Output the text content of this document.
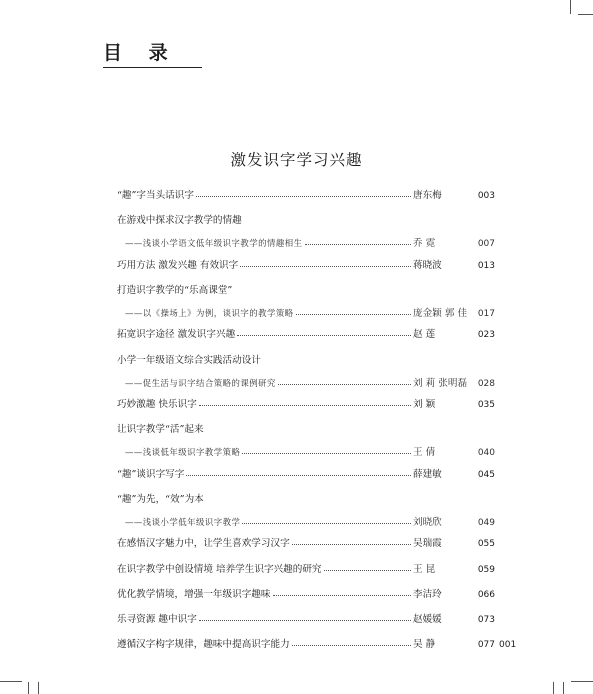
目 录
激发识字学习兴趣
“趣”字当头话识字	唐东梅	003
在游戏中探求汉字教学的情趣
——浅谈小学语文低年级识字教学的情趣相生	乔 霓	007
巧用方法 激发兴趣 有效识字	蒋晓波	013
打造识字教学的“乐高课堂”
——以《操场上》为例，谈识字的教学策略	庞金颖 郭 佳	017
拓宽识字途径 激发识字兴趣	赵 莲	023
小学一年级语文综合实践活动设计
——促生活与识字结合策略的课例研究	刘 莉 张明磊	028
巧妙激趣 快乐识字	刘 颖	035
让识字教学“活”起来
——浅谈低年级识字教学策略	王 倩	040
“趣”谈识字写字	薛建敏	045
“趣”为先，“效”为本
——浅谈小学低年级识字教学	刘晓欣	049
在感悟汉字魅力中，让学生喜欢学习汉字	吴瑞霞	055
在识字教学中创设情境 培养学生识字兴趣的研究	王 昆	059
优化教学情境，增强一年级识字趣味	李洁玲	066
乐寻资源 趣中识字	赵媛媛	073
遵循汉字构字规律，趣味中提高识字能力	吴 静	077 001
